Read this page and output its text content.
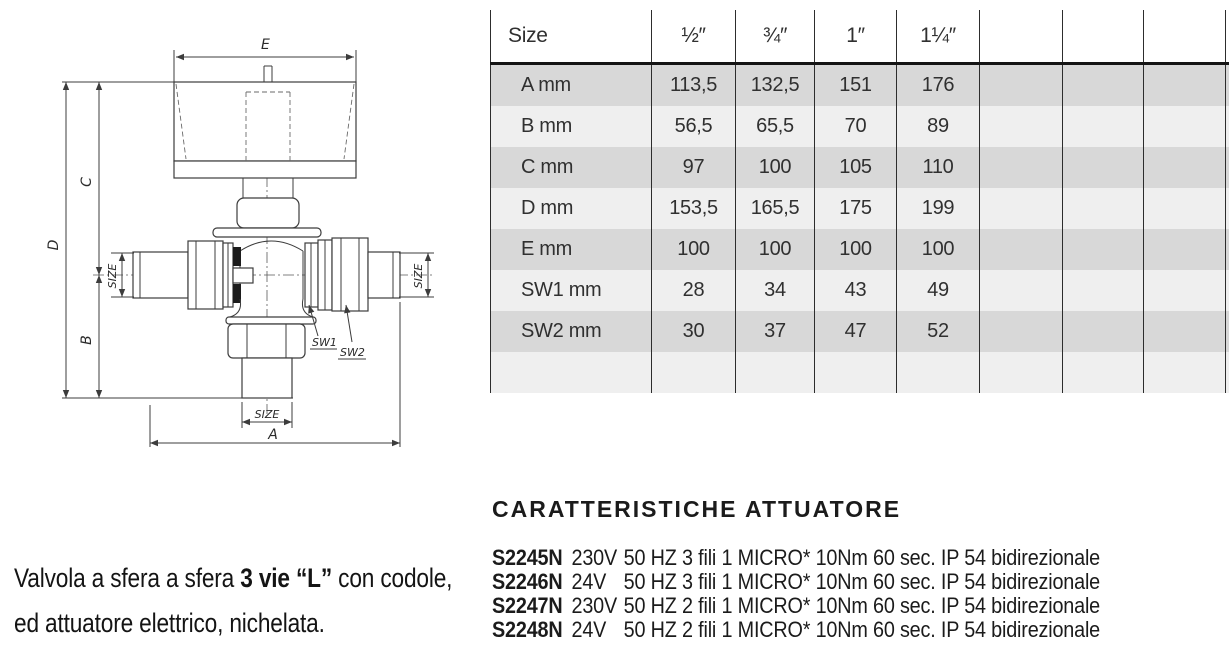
E
D
C
B
SIZE	SIZE
SIZE
A
SW1
SW2
Size	½″	¾″	1″	1¼″
A mm	113,5	132,5	151	176
B mm	56,5	65,5	70	89
C mm	97	100	105	110
D mm	153,5	165,5	175	199
E mm	100	100	100	100
SW1 mm	28	34	43	49
SW2 mm	30	37	47	52
Valvola a sfera a sfera 3 vie “L” con codole,
ed attuatore elettrico, nichelata.
CARATTERISTICHE ATTUATORE
S2245N 230V 50 HZ 3 fili 1 MICRO* 10Nm 60 sec. IP 54 bidirezionale
S2246N 24V 50 HZ 3 fili 1 MICRO* 10Nm 60 sec. IP 54 bidirezionale
S2247N 230V 50 HZ 2 fili 1 MICRO* 10Nm 60 sec. IP 54 bidirezionale
S2248N 24V 50 HZ 2 fili 1 MICRO* 10Nm 60 sec. IP 54 bidirezionale
